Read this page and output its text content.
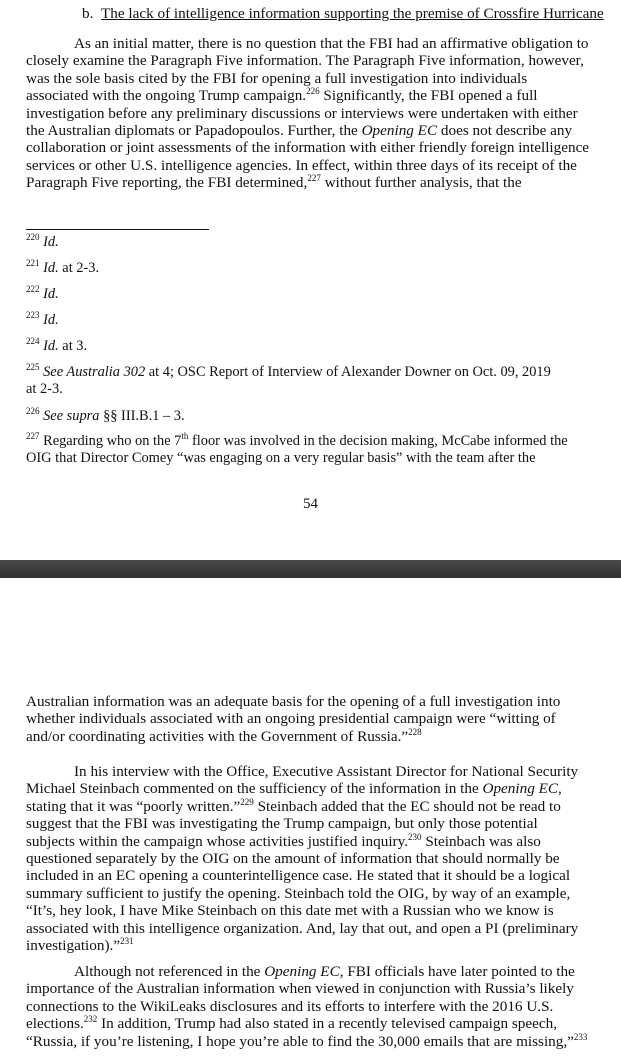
b. The lack of intelligence information supporting the premise of Crossfire Hurricane
As an initial matter, there is no question that the FBI had an affirmative obligation to
closely examine the Paragraph Five information. The Paragraph Five information, however,
was the sole basis cited by the FBI for opening a full investigation into individuals
associated with the ongoing Trump campaign.$^{226}$ Significantly, the FBI opened a full
investigation before any preliminary discussions or interviews were undertaken with either
the Australian diplomats or Papadopoulos. Further, the Opening EC does not describe any
collaboration or joint assessments of the information with either friendly foreign intelligence
services or other U.S. intelligence agencies. In effect, within three days of its receipt of the
Paragraph Five reporting, the FBI determined,$^{227}$ without further analysis, that the
$^{220}$ Id.
$^{221}$ Id. at 2-3.
$^{222}$ Id.
$^{223}$ Id.
$^{224}$ Id. at 3.
$^{225}$ See Australia 302 at 4; OSC Report of Interview of Alexander Downer on Oct. 09, 2019
at 2-3.
$^{226}$ See supra §§ III.B.1 – 3.
$^{227}$ Regarding who on the 7th floor was involved in the decision making, McCabe informed the
OIG that Director Comey “was engaging on a very regular basis” with the team after the
54
Australian information was an adequate basis for the opening of a full investigation into
whether individuals associated with an ongoing presidential campaign were “witting of
and/or coordinating activities with the Government of Russia.”$^{228}$
In his interview with the Office, Executive Assistant Director for National Security
Michael Steinbach commented on the sufficiency of the information in the Opening EC,
stating that it was “poorly written.”$^{229}$ Steinbach added that the EC should not be read to
suggest that the FBI was investigating the Trump campaign, but only those potential
subjects within the campaign whose activities justified inquiry.$^{230}$ Steinbach was also
questioned separately by the OIG on the amount of information that should normally be
included in an EC opening a counterintelligence case. He stated that it should be a logical
summary sufficient to justify the opening. Steinbach told the OIG, by way of an example,
“It’s, hey look, I have Mike Steinbach on this date met with a Russian who we know is
associated with this intelligence organization. And, lay that out, and open a PI (preliminary
investigation).”$^{231}$
Although not referenced in the Opening EC, FBI officials have later pointed to the
importance of the Australian information when viewed in conjunction with Russia’s likely
connections to the WikiLeaks disclosures and its efforts to interfere with the 2016 U.S.
elections.$^{232}$ In addition, Trump had also stated in a recently televised campaign speech,
“Russia, if you’re listening, I hope you’re able to find the 30,000 emails that are missing,”$^{233}$
